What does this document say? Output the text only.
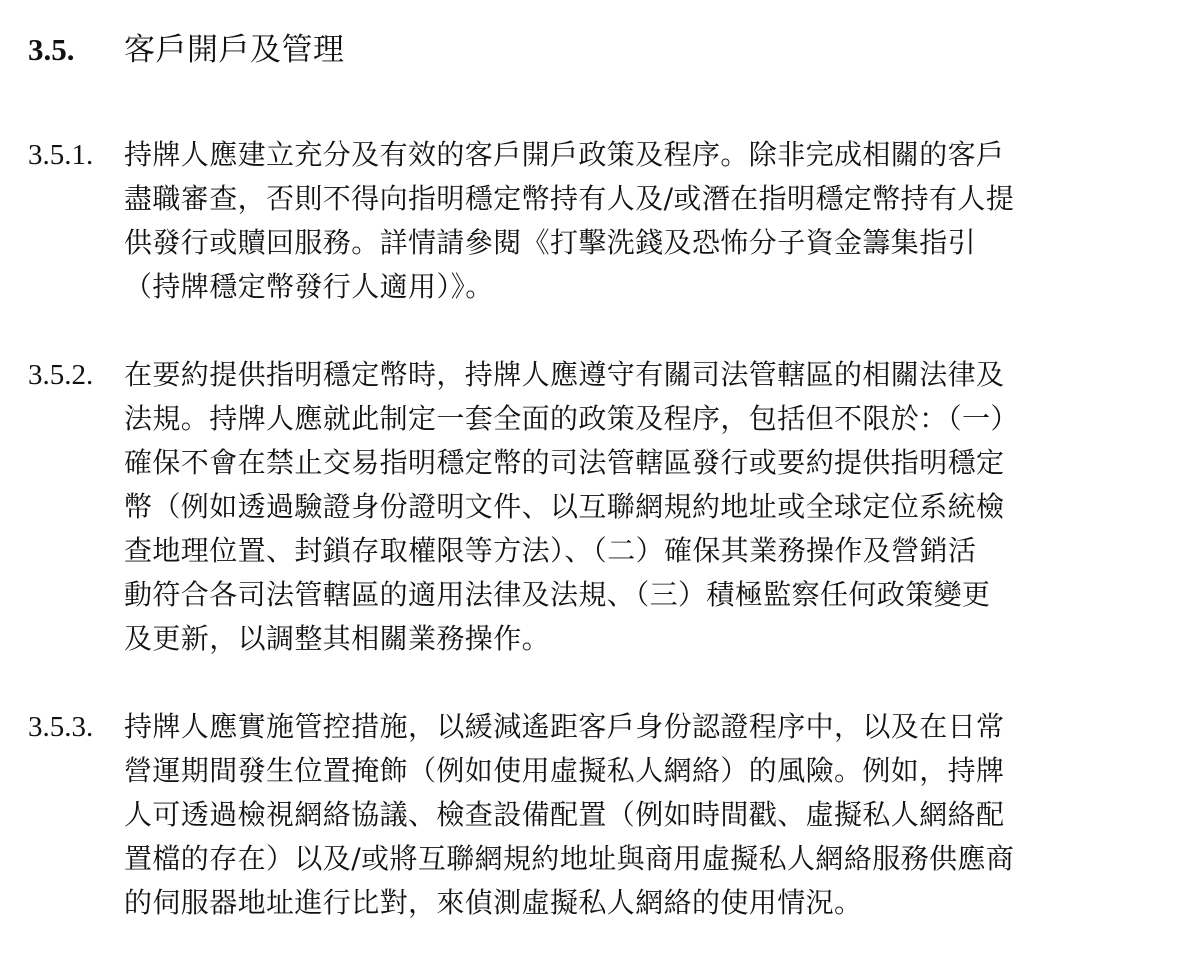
3.5. 客戶開戶及管理
3.5.1. 持牌人應建立充分及有效的客戶開戶政策及程序。除非完成相關的客戶
盡職審查，否則不得向指明穩定幣持有人及/或潛在指明穩定幣持有人提
供發行或贖回服務。詳情請參閱《打擊洗錢及恐怖分子資金籌集指引
（持牌穩定幣發行人適用）》。
3.5.2. 在要約提供指明穩定幣時，持牌人應遵守有關司法管轄區的相關法律及
法規。持牌人應就此制定一套全面的政策及程序，包括但不限於：（一）
確保不會在禁止交易指明穩定幣的司法管轄區發行或要約提供指明穩定
幣（例如透過驗證身份證明文件、以互聯網規約地址或全球定位系統檢
查地理位置、封鎖存取權限等方法）、（二）確保其業務操作及營銷活
動符合各司法管轄區的適用法律及法規、（三）積極監察任何政策變更
及更新，以調整其相關業務操作。
3.5.3. 持牌人應實施管控措施，以緩減遙距客戶身份認證程序中，以及在日常
營運期間發生位置掩飾（例如使用虛擬私人網絡）的風險。例如，持牌
人可透過檢視網絡協議、檢查設備配置（例如時間戳、虛擬私人網絡配
置檔的存在）以及/或將互聯網規約地址與商用虛擬私人網絡服務供應商
的伺服器地址進行比對，來偵測虛擬私人網絡的使用情況。
